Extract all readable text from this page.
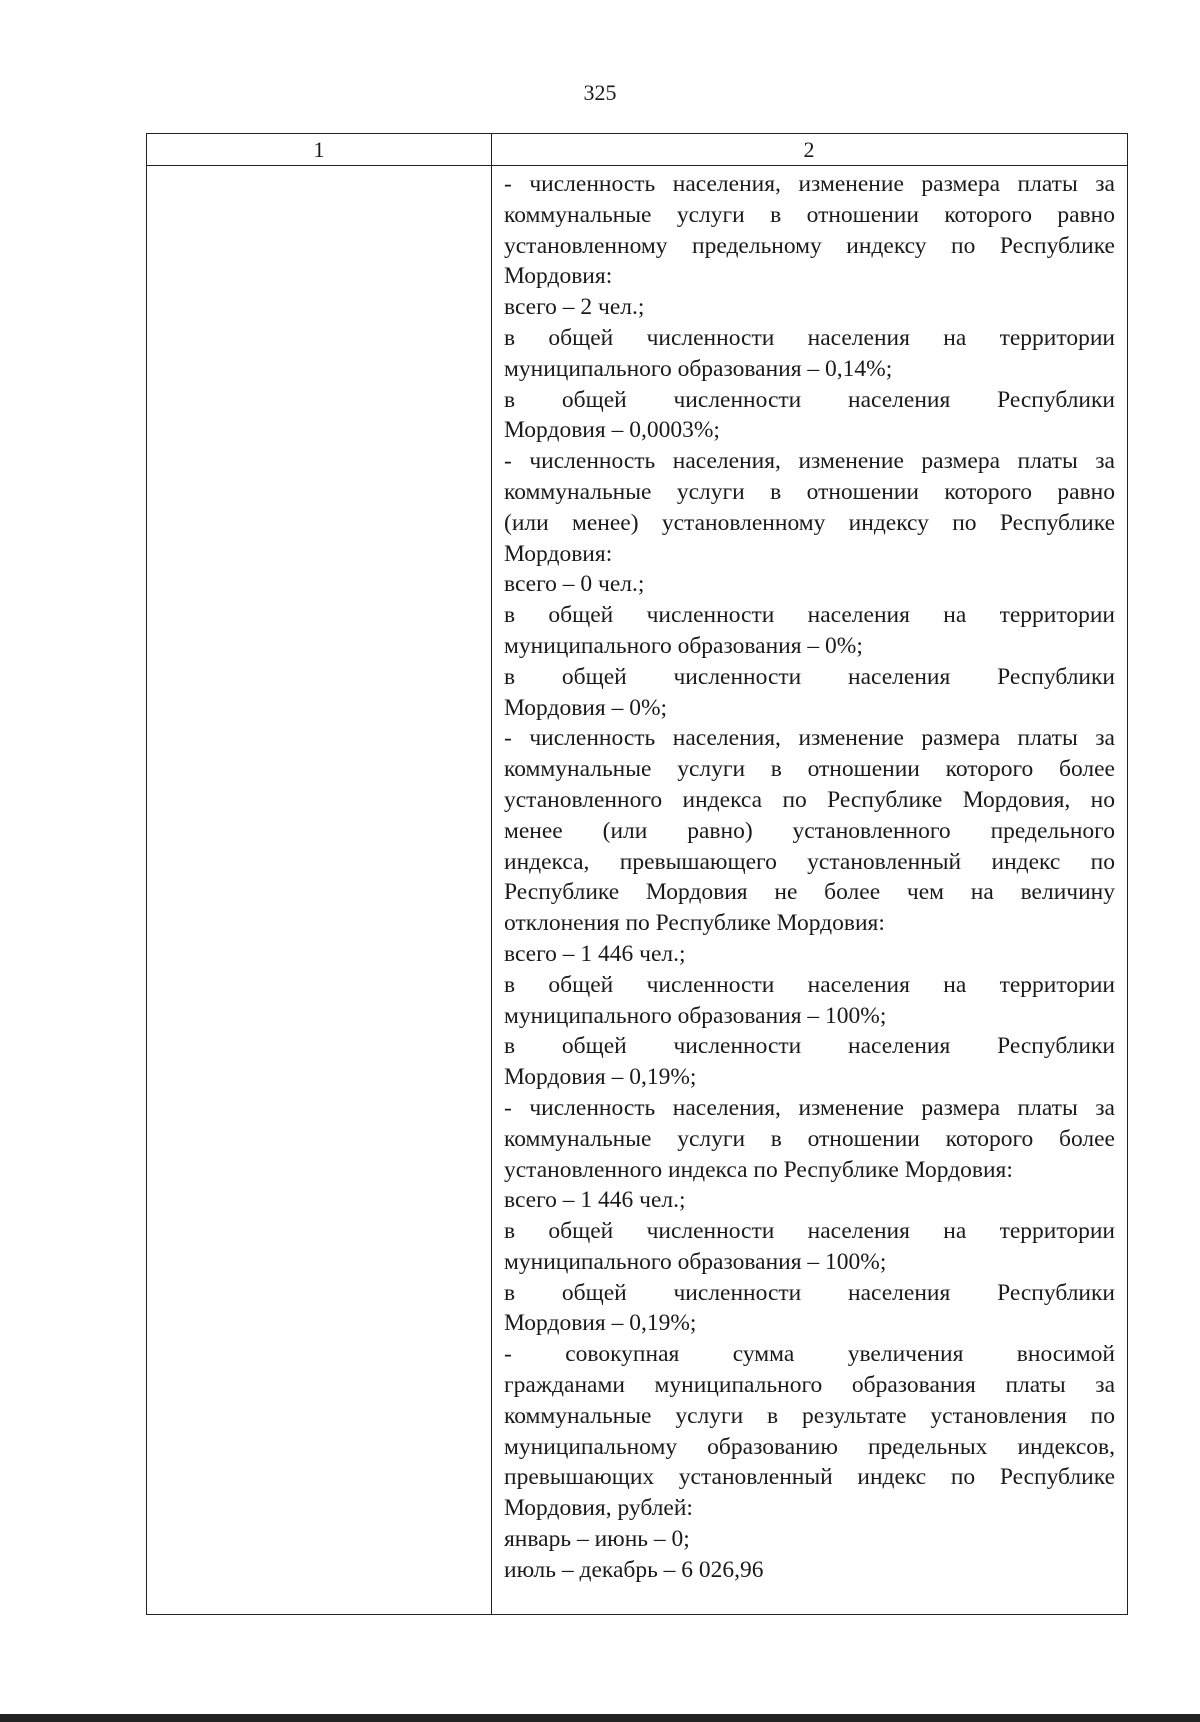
325
1	2
- численность населения, изменение размера платы за
коммунальные услуги в отношении которого равно
установленному предельному индексу по Республике
Мордовия:
всего – 2 чел.;
в общей численности населения на территории
муниципального образования – 0,14%;
в общей численности населения Республики
Мордовия – 0,0003%;
- численность населения, изменение размера платы за
коммунальные услуги в отношении которого равно
(или менее) установленному индексу по Республике
Мордовия:
всего – 0 чел.;
в общей численности населения на территории
муниципального образования – 0%;
в общей численности населения Республики
Мордовия – 0%;
- численность населения, изменение размера платы за
коммунальные услуги в отношении которого более
установленного индекса по Республике Мордовия, но
менее (или равно) установленного предельного
индекса, превышающего установленный индекс по
Республике Мордовия не более чем на величину
отклонения по Республике Мордовия:
всего – 1 446 чел.;
в общей численности населения на территории
муниципального образования – 100%;
в общей численности населения Республики
Мордовия – 0,19%;
- численность населения, изменение размера платы за
коммунальные услуги в отношении которого более
установленного индекса по Республике Мордовия:
всего – 1 446 чел.;
в общей численности населения на территории
муниципального образования – 100%;
в общей численности населения Республики
Мордовия – 0,19%;
- совокупная сумма увеличения вносимой
гражданами муниципального образования платы за
коммунальные услуги в результате установления по
муниципальному образованию предельных индексов,
превышающих установленный индекс по Республике
Мордовия, рублей:
январь – июнь – 0;
июль – декабрь – 6 026,96
